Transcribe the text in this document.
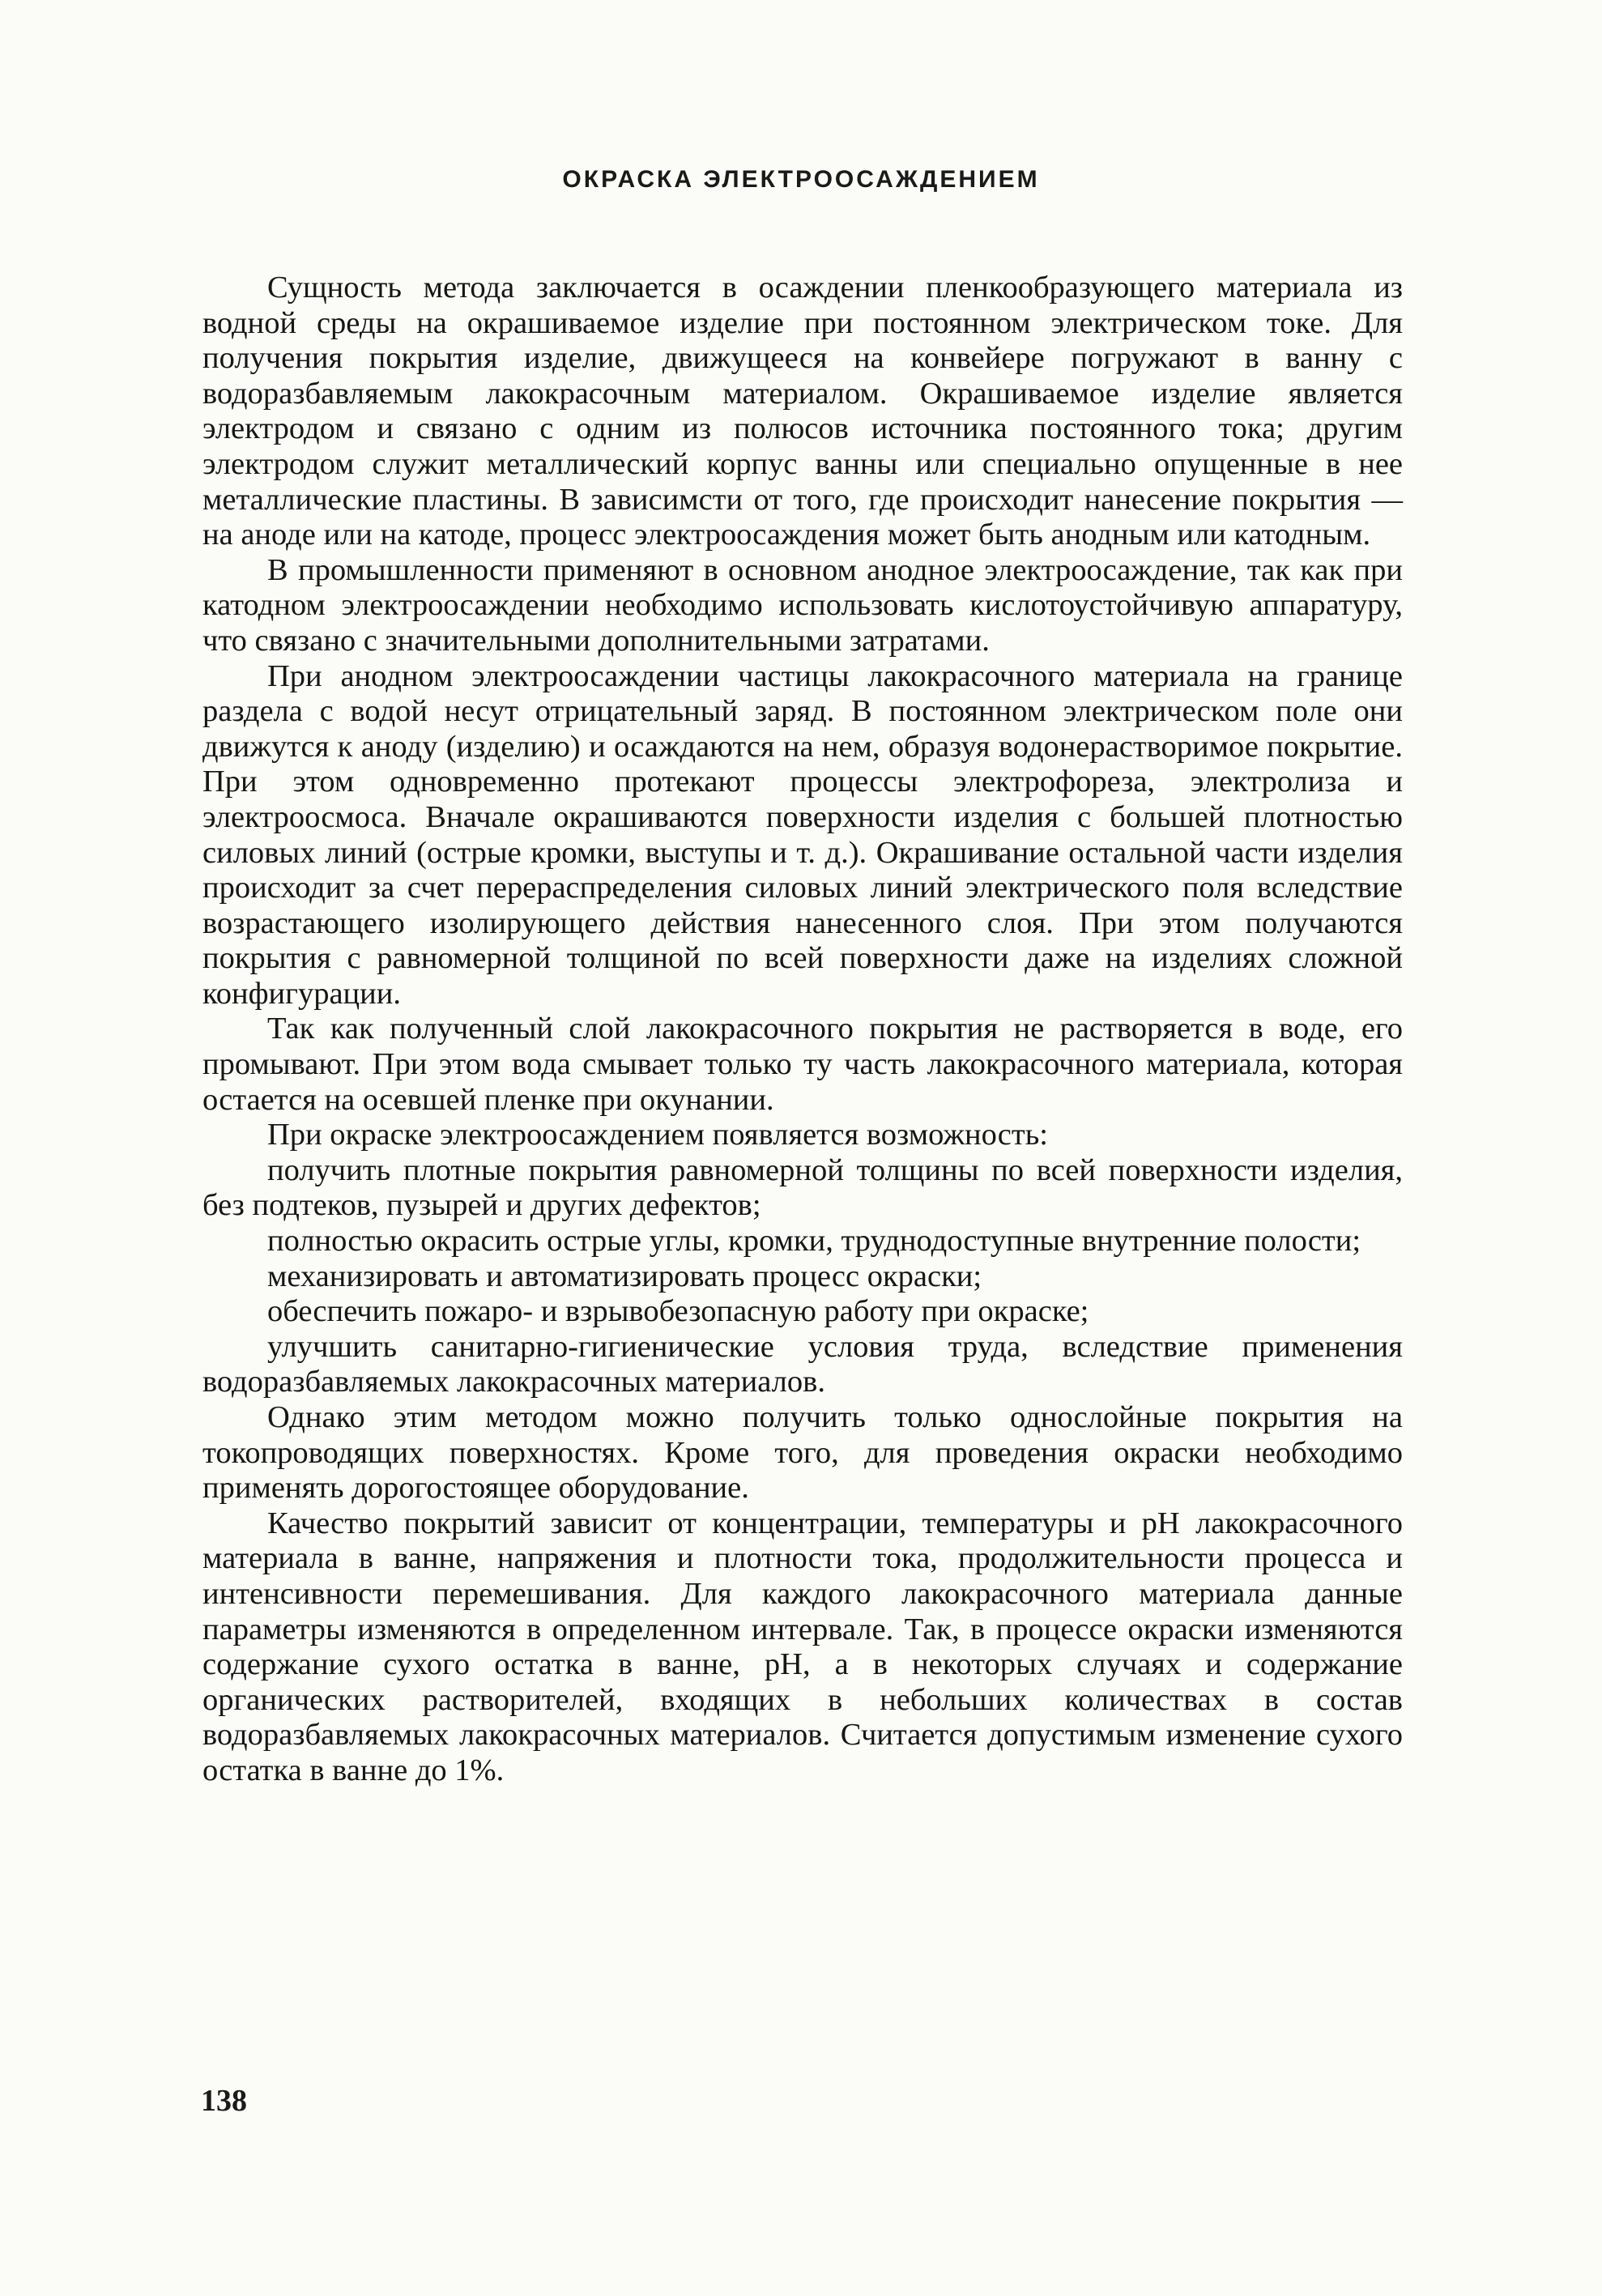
ОКРАСКА ЭЛЕКТРООСАЖДЕНИЕМ

Сущность метода заключается в осаждении пленкообразующего материала из водной среды на окрашиваемое изделие при постоянном электрическом токе. Для получения покрытия изделие, движущееся на конвейере погружают в ванну с водоразбавляемым лакокрасочным материалом. Окрашиваемое изделие является электродом и связано с одним из полюсов источника постоянного тока; другим электродом служит металлический корпус ванны или специально опущенные в нее металлические пластины. В зависимсти от того, где происходит нанесение покрытия — на аноде или на катоде, процесс электроосаждения может быть анодным или катодным.

В промышленности применяют в основном анодное электроосаждение, так как при катодном электроосаждении необходимо использовать кислотоустойчивую аппаратуру, что связано с значительными дополнительными затратами.

При анодном электроосаждении частицы лакокрасочного материала на границе раздела с водой несут отрицательный заряд. В постоянном электрическом поле они движутся к аноду (изделию) и осаждаются на нем, образуя водонерастворимое покрытие. При этом одновременно протекают процессы электрофореза, электролиза и электроосмоса. Вначале окрашиваются поверхности изделия с большей плотностью силовых линий (острые кромки, выступы и т. д.). Окрашивание остальной части изделия происходит за счет перераспределения силовых линий электрического поля вследствие возрастающего изолирующего действия нанесенного слоя. При этом получаются покрытия с равномерной толщиной по всей поверхности даже на изделиях сложной конфигурации.

Так как полученный слой лакокрасочного покрытия не растворяется в воде, его промывают. При этом вода смывает только ту часть лакокрасочного материала, которая остается на осевшей пленке при окунании.

При окраске электроосаждением появляется возможность:

получить плотные покрытия равномерной толщины по всей поверхности изделия, без подтеков, пузырей и других дефектов;

полностью окрасить острые углы, кромки, труднодоступные внутренние полости;

механизировать и автоматизировать процесс окраски;

обеспечить пожаро- и взрывобезопасную работу при окраске;

улучшить санитарно-гигиенические условия труда, вследствие применения водоразбавляемых лакокрасочных материалов.

Однако этим методом можно получить только однослойные покрытия на токопроводящих поверхностях. Кроме того, для проведения окраски необходимо применять дорогостоящее оборудование.

Качество покрытий зависит от концентрации, температуры и pH лакокрасочного материала в ванне, напряжения и плотности тока, продолжительности процесса и интенсивности перемешивания. Для каждого лакокрасочного материала данные параметры изменяются в определенном интервале. Так, в процессе окраски изменяются содержание сухого остатка в ванне, pH, а в некоторых случаях и содержание органических растворителей, входящих в небольших количествах в состав водоразбавляемых лакокрасочных материалов. Считается допустимым изменение сухого остатка в ванне до 1%.

138
